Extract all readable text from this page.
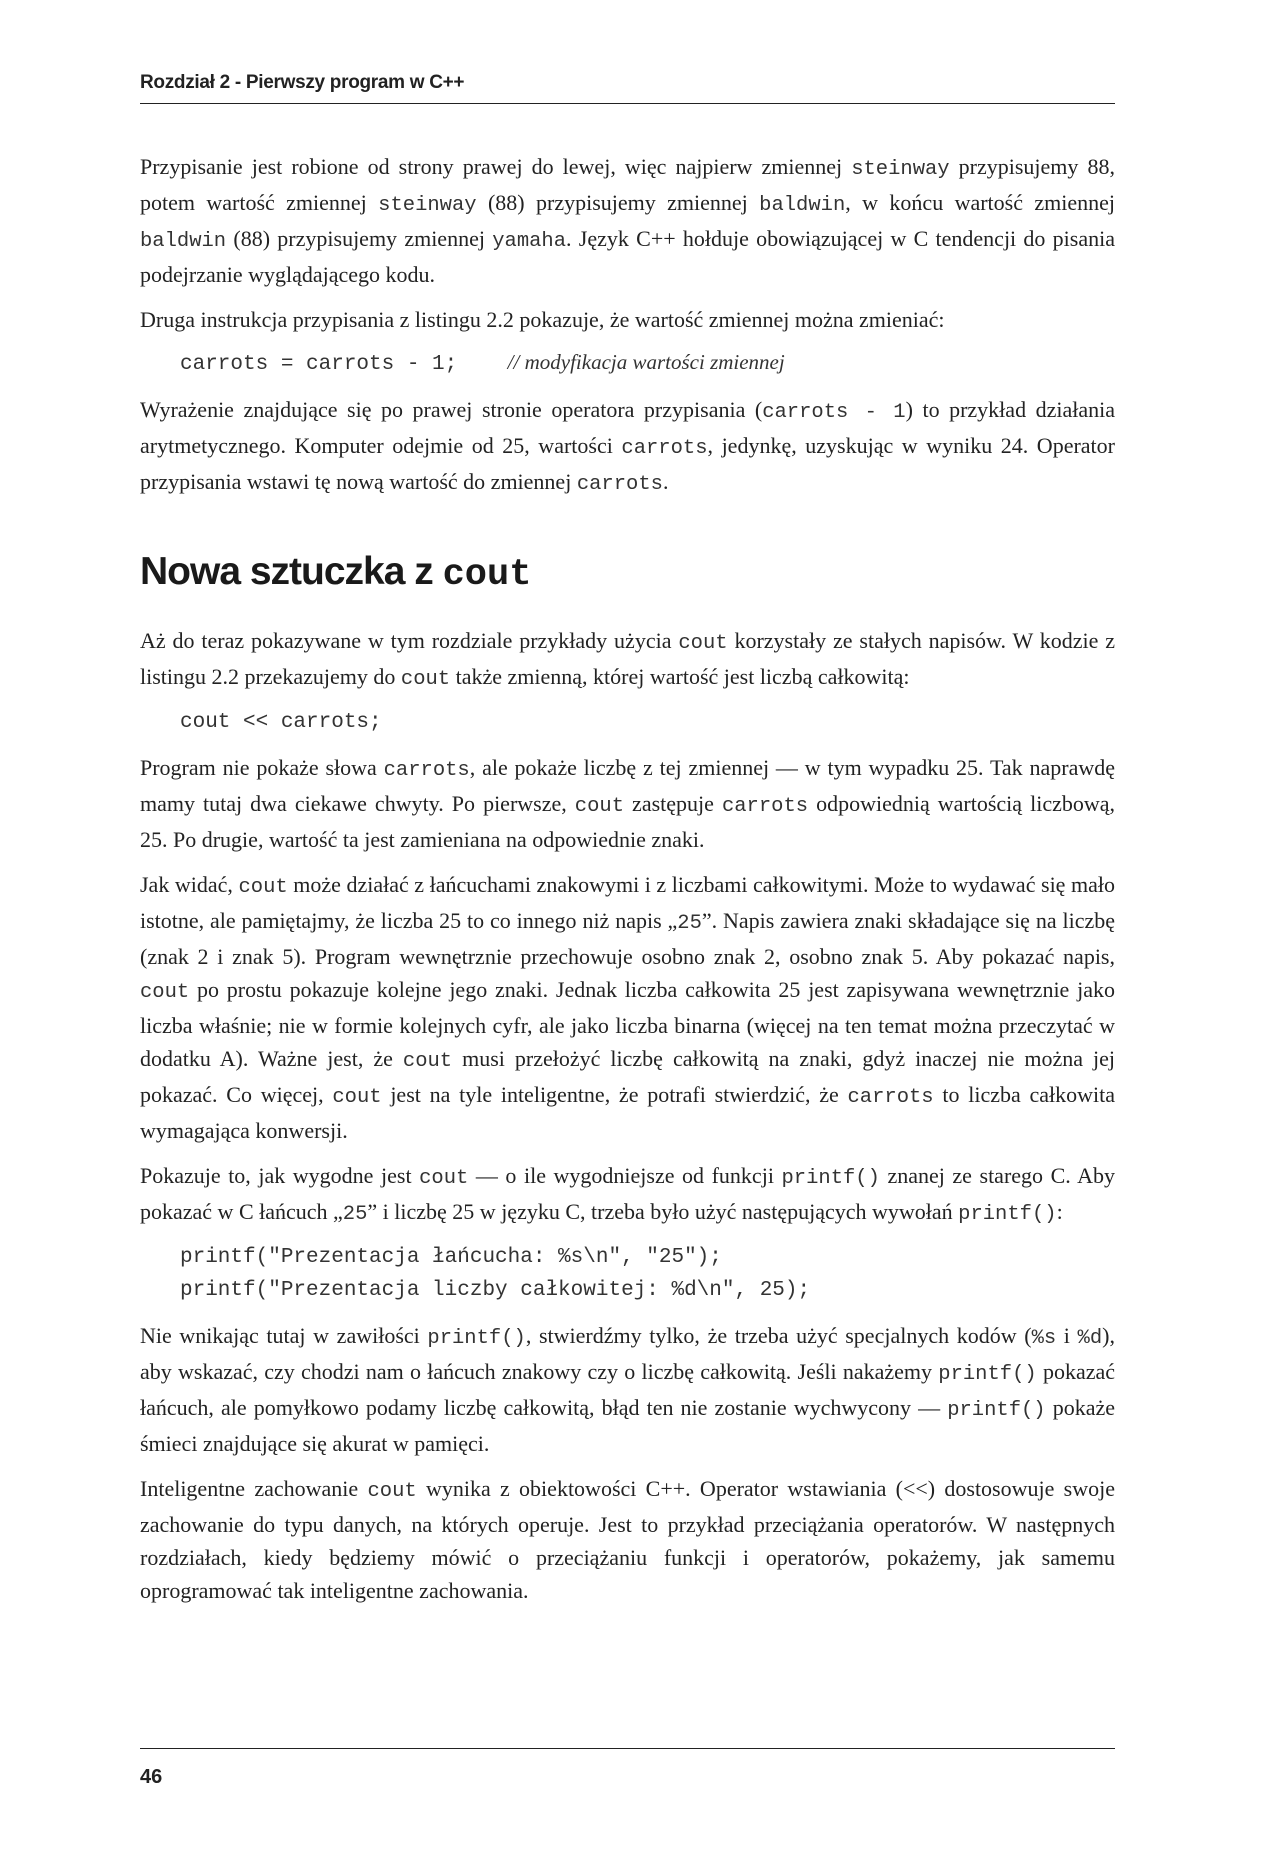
Rozdział 2 - Pierwszy program w C++

Przypisanie jest robione od strony prawej do lewej, więc najpierw zmiennej steinway przypisujemy 88, potem wartość zmiennej steinway (88) przypisujemy zmiennej baldwin, w końcu wartość zmiennej baldwin (88) przypisujemy zmiennej yamaha. Język C++ hołduje obowiązującej w C tendencji do pisania podejrzanie wyglądającego kodu.

Druga instrukcja przypisania z listingu 2.2 pokazuje, że wartość zmiennej można zmieniać:

carrots = carrots - 1; // modyfikacja wartości zmiennej

Wyrażenie znajdujące się po prawej stronie operatora przypisania (carrots - 1) to przykład działania arytmetycznego. Komputer odejmie od 25, wartości carrots, jedynkę, uzyskując w wyniku 24. Operator przypisania wstawi tę nową wartość do zmiennej carrots.

Nowa sztuczka z cout

Aż do teraz pokazywane w tym rozdziale przykłady użycia cout korzystały ze stałych napisów. W kodzie z listingu 2.2 przekazujemy do cout także zmienną, której wartość jest liczbą całkowitą:

cout << carrots;

Program nie pokaże słowa carrots, ale pokaże liczbę z tej zmiennej — w tym wypadku 25. Tak naprawdę mamy tutaj dwa ciekawe chwyty. Po pierwsze, cout zastępuje carrots odpowiednią wartością liczbową, 25. Po drugie, wartość ta jest zamieniana na odpowiednie znaki.

Jak widać, cout może działać z łańcuchami znakowymi i z liczbami całkowitymi. Może to wydawać się mało istotne, ale pamiętajmy, że liczba 25 to co innego niż napis „25”. Napis zawiera znaki składające się na liczbę (znak 2 i znak 5). Program wewnętrznie przechowuje osobno znak 2, osobno znak 5. Aby pokazać napis, cout po prostu pokazuje kolejne jego znaki. Jednak liczba całkowita 25 jest zapisywana wewnętrznie jako liczba właśnie; nie w formie kolejnych cyfr, ale jako liczba binarna (więcej na ten temat można przeczytać w dodatku A). Ważne jest, że cout musi przełożyć liczbę całkowitą na znaki, gdyż inaczej nie można jej pokazać. Co więcej, cout jest na tyle inteligentne, że potrafi stwierdzić, że carrots to liczba całkowita wymagająca konwersji.

Pokazuje to, jak wygodne jest cout — o ile wygodniejsze od funkcji printf() znanej ze starego C. Aby pokazać w C łańcuch „25” i liczbę 25 w języku C, trzeba było użyć następujących wywołań printf():

printf("Prezentacja łańcucha: %s\n", "25");
printf("Prezentacja liczby całkowitej: %d\n", 25);

Nie wnikając tutaj w zawiłości printf(), stwierdźmy tylko, że trzeba użyć specjalnych kodów (%s i %d), aby wskazać, czy chodzi nam o łańcuch znakowy czy o liczbę całkowitą. Jeśli nakażemy printf() pokazać łańcuch, ale pomyłkowo podamy liczbę całkowitą, błąd ten nie zostanie wychwycony — printf() pokaże śmieci znajdujące się akurat w pamięci.

Inteligentne zachowanie cout wynika z obiektowości C++. Operator wstawiania (<<) dostosowuje swoje zachowanie do typu danych, na których operuje. Jest to przykład przeciążania operatorów. W następnych rozdziałach, kiedy będziemy mówić o przeciążaniu funkcji i operatorów, pokażemy, jak samemu oprogramować tak inteligentne zachowania.

46
